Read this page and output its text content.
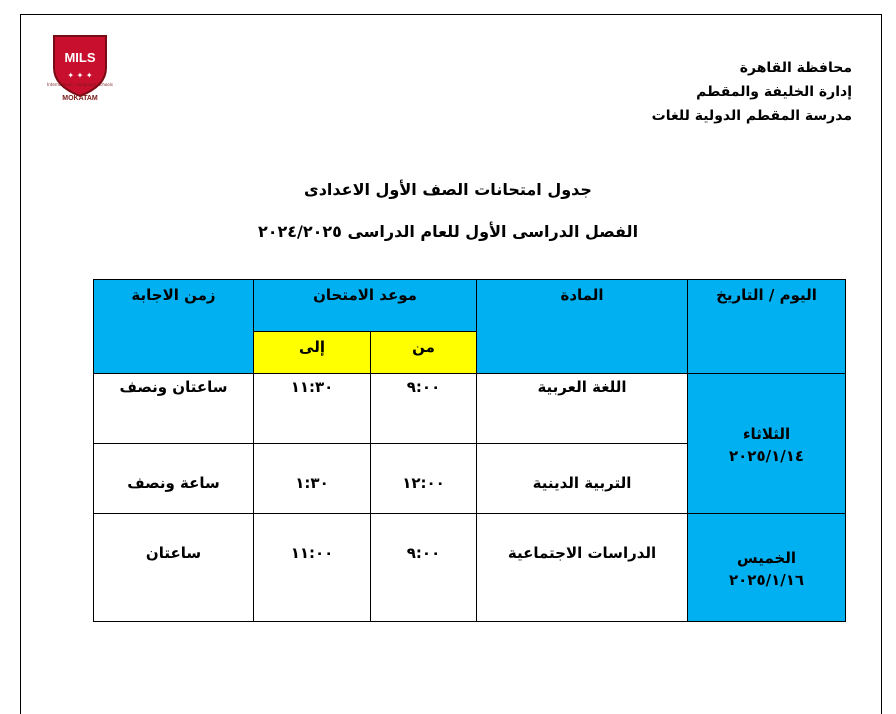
MILS
✦ ✦ ✦
MOKATAM
International - Language Schools
محافظة القاهرة
إدارة الخليفة والمقطم
مدرسة المقطم الدولية للغات
جدول امتحانات الصف الأول الاعدادى
الفصل الدراسى الأول للعام الدراسى ٢٠٢٤/٢٠٢٥
اليوم / التاريخ	المادة	موعد الامتحان		زمن الاجابة
		من	إلى	

الثلاثاء
٢٠٢٥/١/١٤	اللغة العربية	٩:٠٠	١١:٣٠	ساعتان ونصف
	التربية الدينية	١٢:٠٠	١:٣٠	ساعة ونصف

الخميس
٢٠٢٥/١/١٦	الدراسات الاجتماعية	٩:٠٠	١١:٠٠	ساعتان
